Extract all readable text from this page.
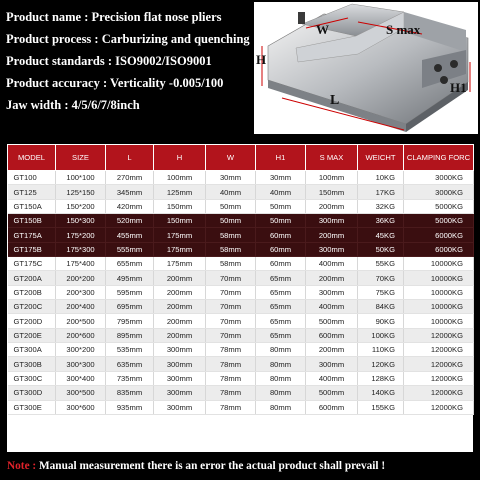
Product name : Precision flat nose pliers
Product process : Carburizing and quenching
Product standards : ISO9002/ISO9001
Product accuracy : Verticality -0.005/100
Jaw width : 4/5/6/7/8inch
W	S max
H
L
H1
MODEL	SIZE	L	H	W	H1	S MAX	WEICHT	CLAMPING FORC
GT100	100*100	270mm	100mm	30mm	30mm	100mm	10KG	3000KG
GT125	125*150	345mm	125mm	40mm	40mm	150mm	17KG	3000KG
GT150A	150*200	420mm	150mm	50mm	50mm	200mm	32KG	5000KG
GT150B	150*300	520mm	150mm	50mm	50mm	300mm	36KG	5000KG
GT175A	175*200	455mm	175mm	58mm	60mm	200mm	45KG	6000KG
GT175B	175*300	555mm	175mm	58mm	60mm	300mm	50KG	6000KG
GT175C	175*400	655mm	175mm	58mm	60mm	400mm	55KG	10000KG
GT200A	200*200	495mm	200mm	70mm	65mm	200mm	70KG	10000KG
GT200B	200*300	595mm	200mm	70mm	65mm	300mm	75KG	10000KG
GT200C	200*400	695mm	200mm	70mm	65mm	400mm	84KG	10000KG
GT200D	200*500	795mm	200mm	70mm	65mm	500mm	90KG	10000KG
GT200E	200*600	895mm	200mm	70mm	65mm	600mm	100KG	12000KG
GT300A	300*200	535mm	300mm	78mm	80mm	200mm	110KG	12000KG
GT300B	300*300	635mm	300mm	78mm	80mm	300mm	120KG	12000KG
GT300C	300*400	735mm	300mm	78mm	80mm	400mm	128KG	12000KG
GT300D	300*500	835mm	300mm	78mm	80mm	500mm	140KG	12000KG
GT300E	300*600	935mm	300mm	78mm	80mm	600mm	155KG	12000KG
Note : Manual measurement there is an error the actual product shall prevail !
